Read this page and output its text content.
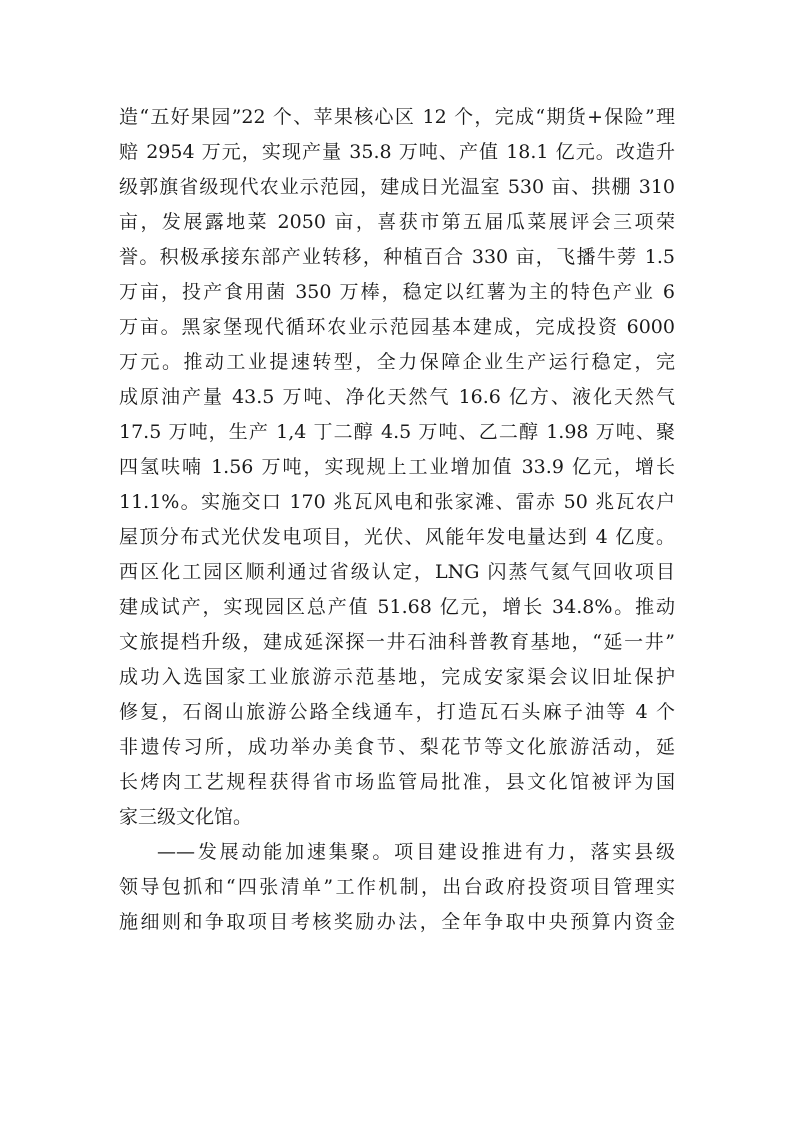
造“五好果园”22 个、苹果核心区 12 个，完成“期货+保险”理
赔 2954 万元，实现产量 35.8 万吨、产值 18.1 亿元。改造升
级郭旗省级现代农业示范园，建成日光温室 530 亩、拱棚 310
亩，发展露地菜 2050 亩，喜获市第五届瓜菜展评会三项荣
誉。积极承接东部产业转移，种植百合 330 亩，飞播牛蒡 1.5
万亩，投产食用菌 350 万棒，稳定以红薯为主的特色产业 6
万亩。黑家堡现代循环农业示范园基本建成，完成投资 6000
万元。推动工业提速转型，全力保障企业生产运行稳定，完
成原油产量 43.5 万吨、净化天然气 16.6 亿方、液化天然气
17.5 万吨，生产 1,4 丁二醇 4.5 万吨、乙二醇 1.98 万吨、聚
四氢呋喃 1.56 万吨，实现规上工业增加值 33.9 亿元，增长
11.1%。实施交口 170 兆瓦风电和张家滩、雷赤 50 兆瓦农户
屋顶分布式光伏发电项目，光伏、风能年发电量达到 4 亿度。
西区化工园区顺利通过省级认定，LNG 闪蒸气氦气回收项目
建成试产，实现园区总产值 51.68 亿元，增长 34.8%。推动
文旅提档升级，建成延深探一井石油科普教育基地，“延一井”
成功入选国家工业旅游示范基地，完成安家渠会议旧址保护
修复，石阁山旅游公路全线通车，打造瓦石头麻子油等 4 个
非遗传习所，成功举办美食节、梨花节等文化旅游活动，延
长烤肉工艺规程获得省市场监管局批准，县文化馆被评为国
家三级文化馆。
——发展动能加速集聚。项目建设推进有力，落实县级
领导包抓和“四张清单”工作机制，出台政府投资项目管理实
施细则和争取项目考核奖励办法，全年争取中央预算内资金
